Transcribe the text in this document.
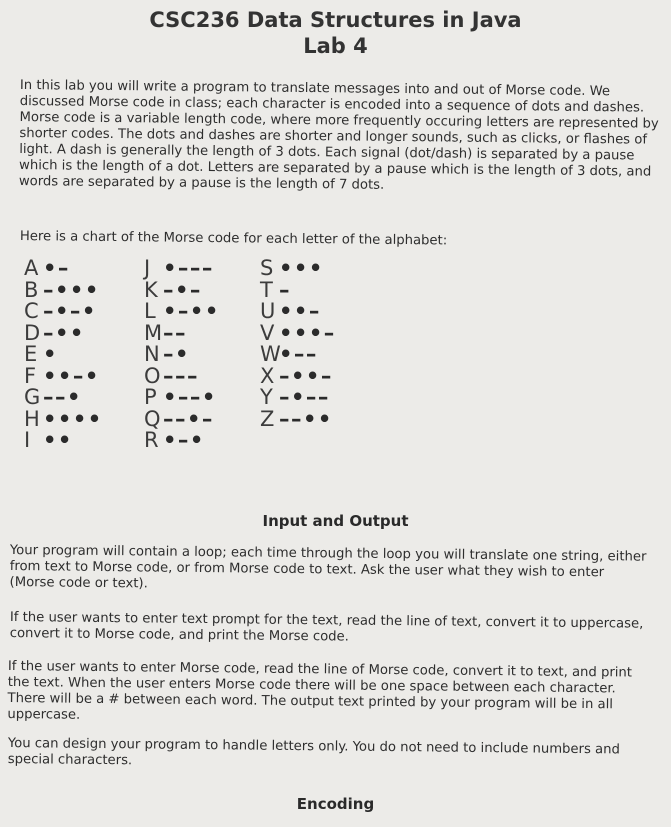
CSC236 Data Structures in Java
Lab 4
In this lab you will write a program to translate messages into and out of Morse code. We discussed Morse code in class; each character is encoded into a sequence of dots and dashes. Morse code is a variable length code, where more frequently occuring letters are represented by shorter codes. The dots and dashes are shorter and longer sounds, such as clicks, or flashes of light. A dash is generally the length of 3 dots. Each signal (dot/dash) is separated by a pause which is the length of a dot. Letters are separated by a pause which is the length of 3 dots, and words are separated by a pause is the length of 7 dots.
Here is a chart of the Morse code for each letter of the alphabet:
A •–
B –•••
C –•–•
D–••
E •
F ••–•
G––•
H ••••
I ••
J •–––
K –•–
L •–••
M––
N –•
O–––
P •––•
Q––•–
R •–•
S •••
T –
U ••–
V •••–
W•––
X –••–
Y –•––
Z ––••
Input and Output
Your program will contain a loop; each time through the loop you will translate one string, either from text to Morse code, or from Morse code to text. Ask the user what they wish to enter (Morse code or text).
If the user wants to enter text prompt for the text, read the line of text, convert it to uppercase, convert it to Morse code, and print the Morse code.
If the user wants to enter Morse code, read the line of Morse code, convert it to text, and print the text. When the user enters Morse code there will be one space between each character. There will be a # between each word. The output text printed by your program will be in all uppercase.
You can design your program to handle letters only. You do not need to include numbers and special characters.
Encoding
